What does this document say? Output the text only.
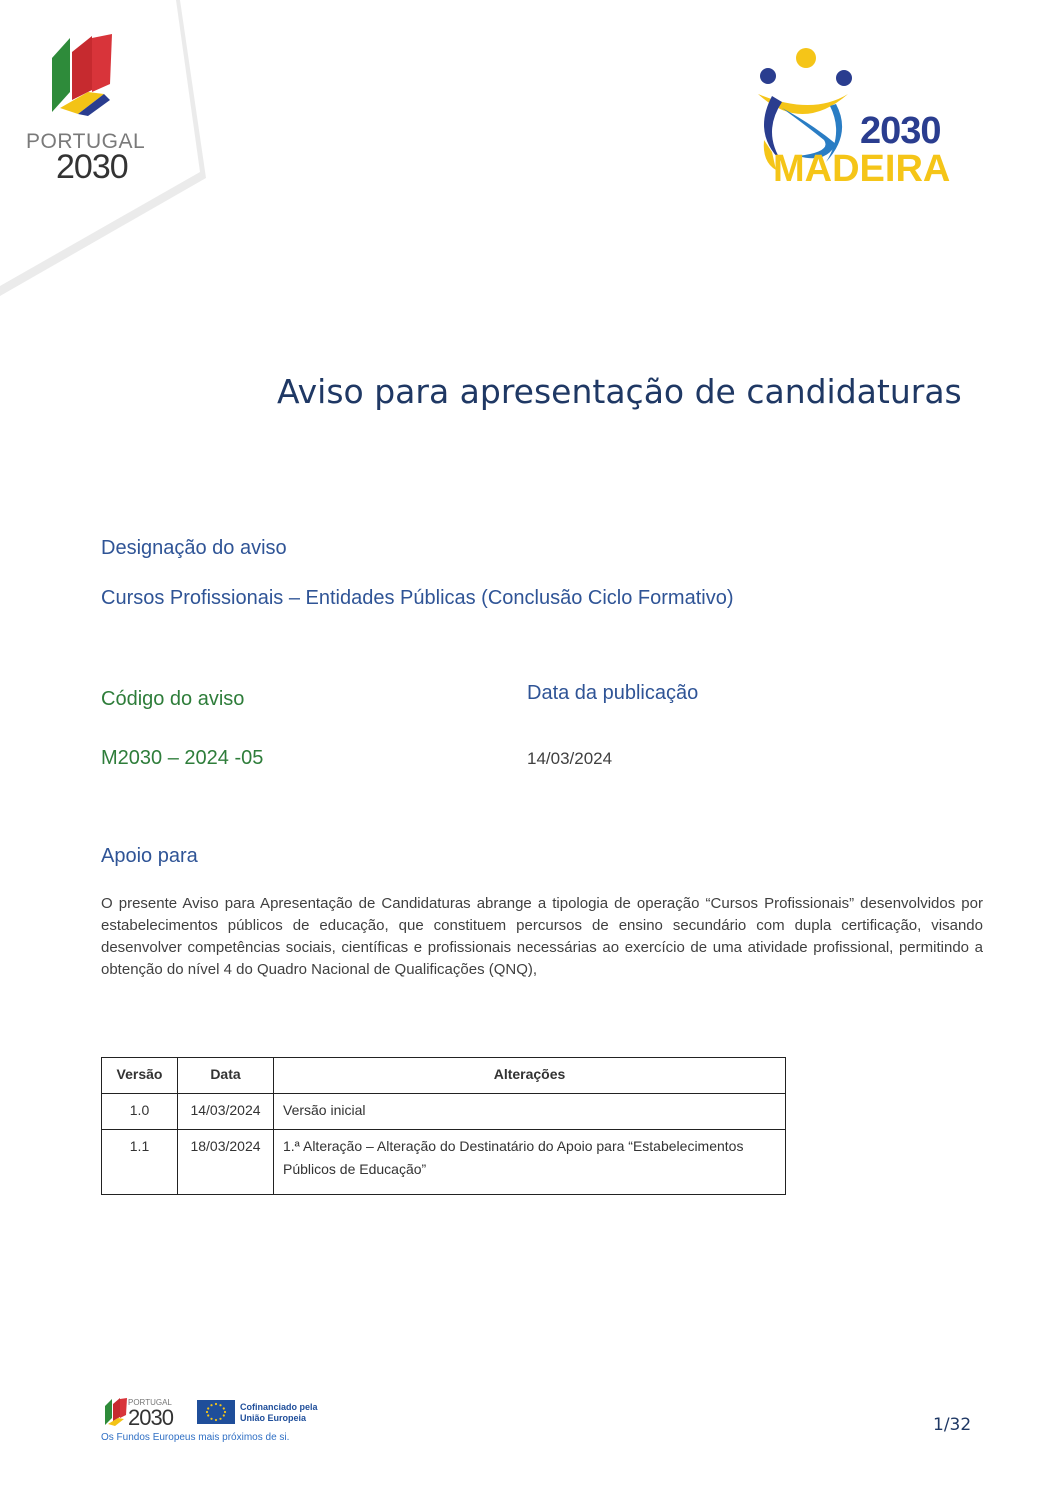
PORTUGAL
2030
2030
MADEIRA
Aviso para apresentação de candidaturas
Designação do aviso
Cursos Profissionais – Entidades Públicas (Conclusão Ciclo Formativo)
Código do aviso
M2030 – 2024 -05
Data da publicação
14/03/2024
Apoio para
O presente Aviso para Apresentação de Candidaturas abrange a tipologia de operação “Cursos Profissionais” desenvolvidos por estabelecimentos públicos de educação, que constituem percursos de ensino secundário com dupla certificação, visando desenvolver competências sociais, científicas e profissionais necessárias ao exercício de uma atividade profissional, permitindo a obtenção do nível 4 do Quadro Nacional de Qualificações (QNQ),
Versão	Data	Alterações
1.0	14/03/2024	Versão inicial
1.1	18/03/2024	1.ª Alteração – Alteração do Destinatário do Apoio para “Estabelecimentos Públicos de Educação”
PORTUGAL
2030	Cofinanciado pela
União Europeia
Os Fundos Europeus mais próximos de si.
1/32
